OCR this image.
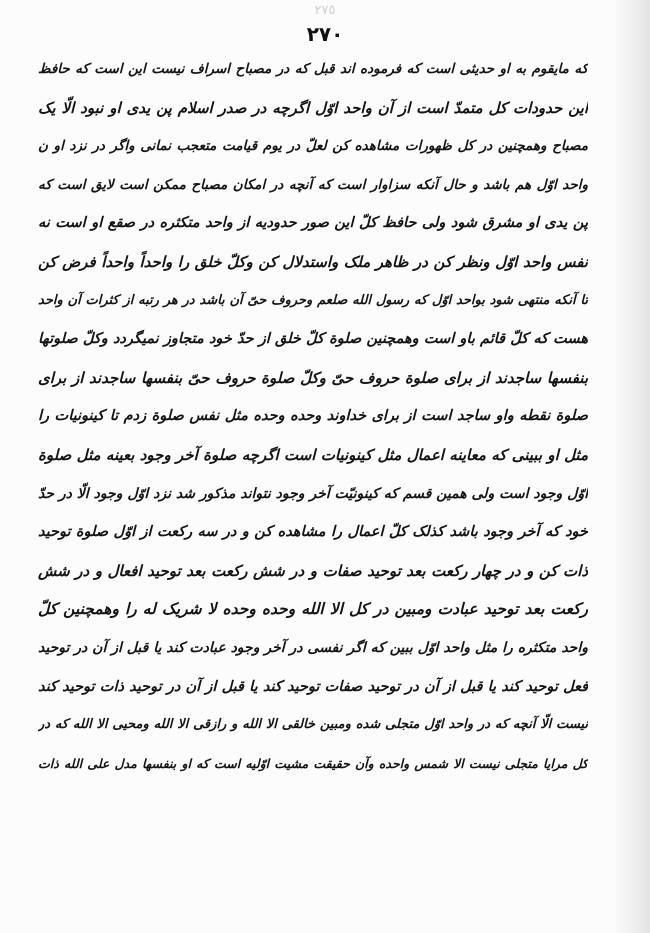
٢٧٥
٢٧٠
که مایقوم به او حدیثی است که فرموده اند قبل که در مصباح اسراف نیست این است که حافظ
این حدودات کل متمدّ است از آن واحد اوّل اگرچه در صدر اسلام پن یدی او نبود الّا یک
مصباح وهمچنین در کل ظهورات مشاهده کن لعلّ در یوم قیامت متعجب نمانی واگر در نزد او ن
واحد اوّل هم باشد و حال آنکه سزاوار است که آنچه در امکان مصباح ممکن است لایق است که
پن یدی او مشرق شود ولی حافظ کلّ این صور حدودیه از واحد متکثره در صقع او است نه
نفس واحد اوّل ونظر کن در ظاهر ملک واستدلال کن وکلّ خلق را واحداً واحداً فرض کن
تا آنکه منتهی شود بواحد اوّل که رسول الله صلعم وحروف حیّ آن باشد در هر رتبه از کثرات آن واحد
هست که کلّ قائم باو است وهمچنین صلوة کلّ خلق از حدّ خود متجاوز نمیگردد وکلّ صلوتها
بنفسها ساجدند از برای صلوة حروف حیّ وکلّ صلوة حروف حیّ بنفسها ساجدند از برای
صلوة نقطه واو ساجد است از برای خداوند وحده وحده مثل نفس صلوة زدم تا کینونیات را
مثل او ببینی که معاینه اعمال مثل کینونیات است اگرچه صلوة آخر وجود بعینه مثل صلوة
اوّل وجود است ولی همین قسم که کینونیّت آخر وجود نتواند مذکور شد نزد اوّل وجود الّا در حدّ
خود که آخر وجود باشد کذلک کلّ اعمال را مشاهده کن و در سه رکعت از اوّل صلوة توحید
ذات کن و در چهار رکعت بعد توحید صفات و در شش رکعت بعد توحید افعال و در شش
رکعت بعد توحید عبادت ومبین در کل الا الله وحده وحده لا شریک له را وهمچنین کلّ
واحد متکثره را مثل واحد اوّل ببین که اگر نفسی در آخر وجود عبادت کند یا قبل از آن در توحید
فعل توحید کند یا قبل از آن در توحید صفات توحید کند یا قبل از آن در توحید ذات توحید کند
نیست الّا آنچه که در واحد اوّل متجلی شده ومبین خالقی الا الله و رازقی الا الله ومحیی الا الله که در
کل مرایا متجلی نیست الا شمس واحده وآن حقیقت مشیت اوّلیه است که او بنفسها مدل علی الله ذات
